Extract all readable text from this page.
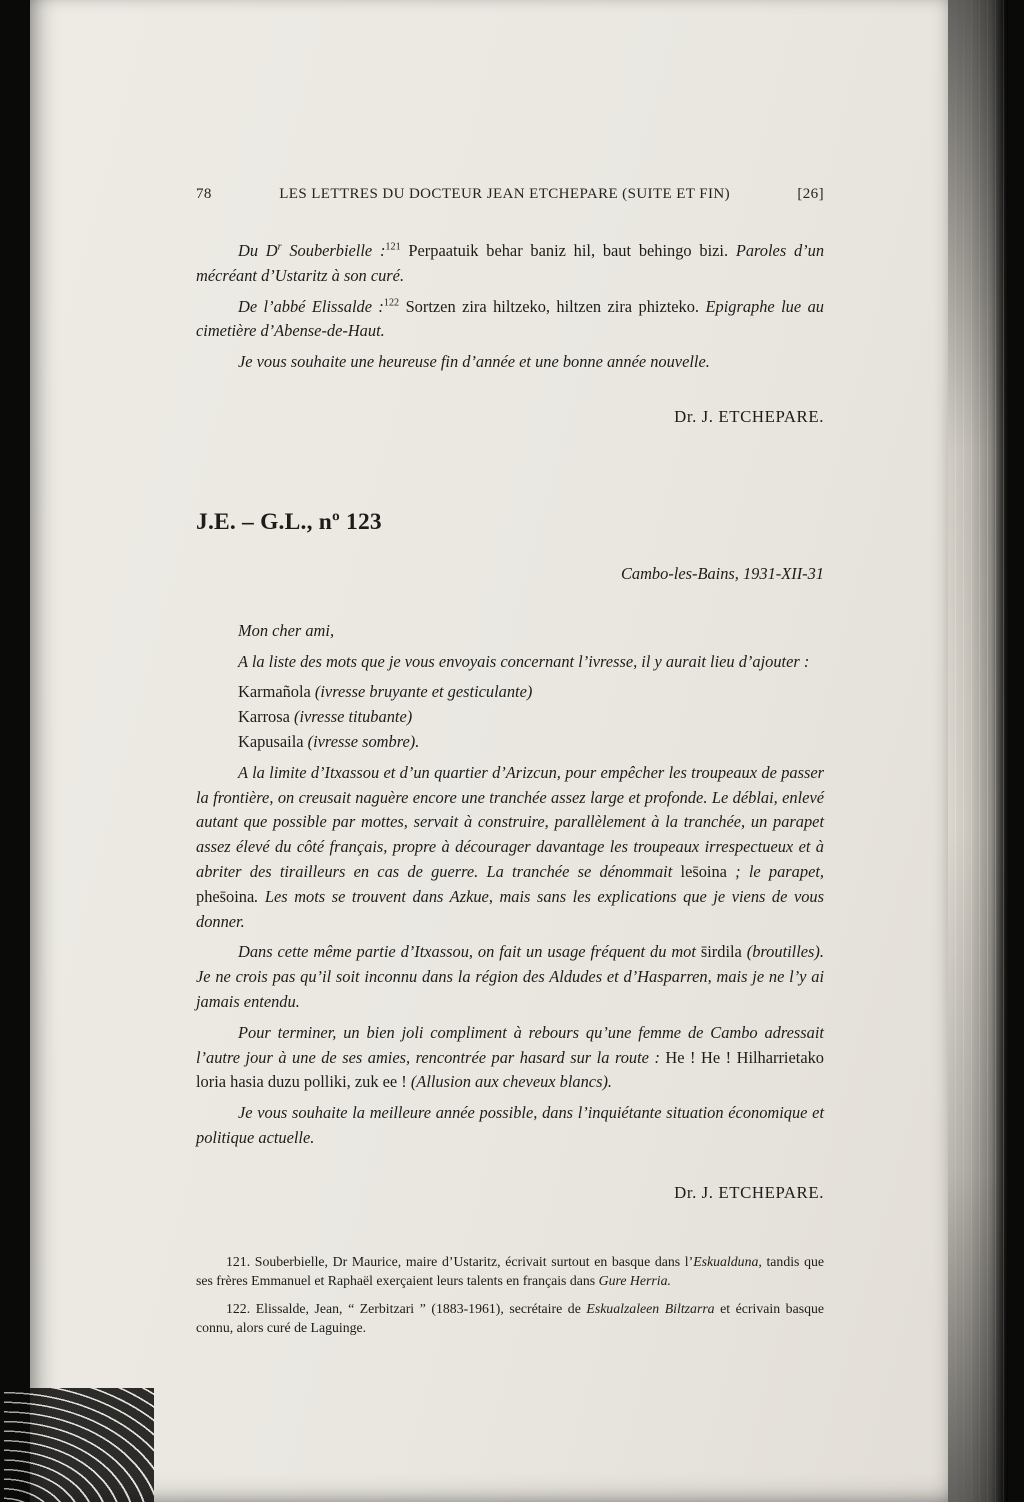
78	LES LETTRES DU DOCTEUR JEAN ETCHEPARE (SUITE ET FIN)	[26]

Du $D^r$ Souberbielle :$^{121}$ Perpaatuik behar baniz hil, baut behingo bizi. Paroles d’un mécréant d’Ustaritz à son curé.

De l’abbé Elissalde :$^{122}$ Sortzen zira hiltzeko, hiltzen zira phizteko. Epigraphe lue au cimetière d’Abense-de-Haut.

Je vous souhaite une heureuse fin d’année et une bonne année nouvelle.

Dr. J. ETCHEPARE.

J.E. – G.L., nº 123

Cambo-les-Bains, 1931-XII-31

Mon cher ami,

A la liste des mots que je vous envoyais concernant l’ivresse, il y aurait lieu d’ajouter :

Karmañola (ivresse bruyante et gesticulante)

Karrosa (ivresse titubante)

Kapusaila (ivresse sombre).

A la limite d’Itxassou et d’un quartier d’Arizcun, pour empêcher les troupeaux de passer la frontière, on creusait naguère encore une tranchée assez large et profonde. Le déblai, enlevé autant que possible par mottes, servait à construire, parallèlement à la tranchée, un parapet assez élevé du côté français, propre à décourager davantage les troupeaux irrespectueux et à abriter des tirailleurs en cas de guerre. La tranchée se dénommait les̄oina ; le parapet, phes̄oina. Les mots se trouvent dans Azkue, mais sans les explications que je viens de vous donner.

Dans cette même partie d’Itxassou, on fait un usage fréquent du mot s̄irdila (broutilles). Je ne crois pas qu’il soit inconnu dans la région des Aldudes et d’Hasparren, mais je ne l’y ai jamais entendu.

Pour terminer, un bien joli compliment à rebours qu’une femme de Cambo adressait l’autre jour à une de ses amies, rencontrée par hasard sur la route : He ! He ! Hilharrietako loria hasia duzu polliki, zuk ee ! (Allusion aux cheveux blancs).

Je vous souhaite la meilleure année possible, dans l’inquiétante situation économique et politique actuelle.

Dr. J. ETCHEPARE.

121. Souberbielle, Dr Maurice, maire d’Ustaritz, écrivait surtout en basque dans l’Eskualduna, tandis que ses frères Emmanuel et Raphaël exerçaient leurs talents en français dans Gure Herria.

122. Elissalde, Jean, “ Zerbitzari ” (1883-1961), secrétaire de Eskualzaleen Biltzarra et écrivain basque connu, alors curé de Laguinge.
